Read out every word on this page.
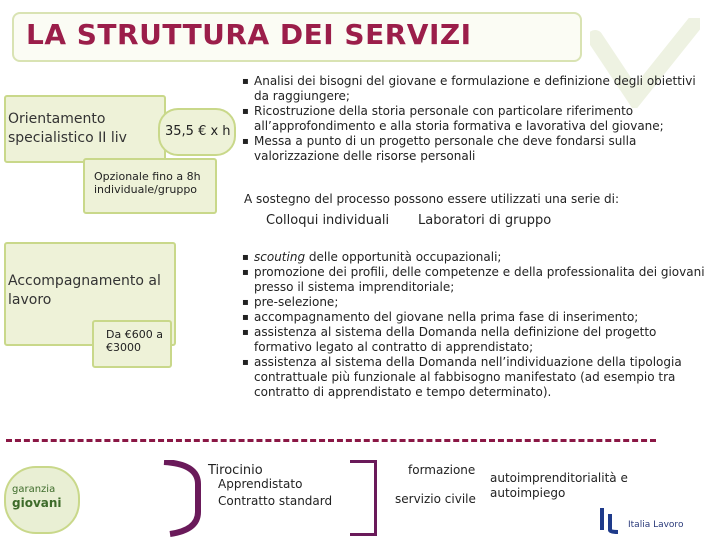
LA STRUTTURA DEI SERVIZI
Orientamento specialistico II liv	35,5 € x h
Opzionale fino a 8h individuale/gruppo
▪ Analisi dei bisogni del giovane e formulazione e definizione degli obiettivi da raggiungere;
▪ Ricostruzione della storia personale con particolare riferimento all’approfondimento e alla storia formativa e lavorativa del giovane;
▪ Messa a punto di un progetto personale che deve fondarsi sulla valorizzazione delle risorse personali
A sostegno del processo possono essere utilizzati una serie di:
Colloqui individuali Laboratori di gruppo
Accompagnamento al lavoro
Da €600 a €3000
▪ scouting delle opportunità occupazionali;
▪ promozione dei profili, delle competenze e della professionalita dei giovani presso il sistema imprenditoriale;
▪ pre-selezione;
▪ accompagnamento del giovane nella prima fase di inserimento;
▪ assistenza al sistema della Domanda nella definizione del progetto formativo legato al contratto di apprendistato;
▪ assistenza al sistema della Domanda nell’individuazione della tipologia contrattuale più funzionale al fabbisogno manifestato (ad esempio tra contratto di apprendistato e tempo determinato).
garanzia
giovani
Tirocinio
Apprendistato
Contratto standard
formazione
servizio civile
autoimprenditorialità e autoimpiego
Italia Lavoro
